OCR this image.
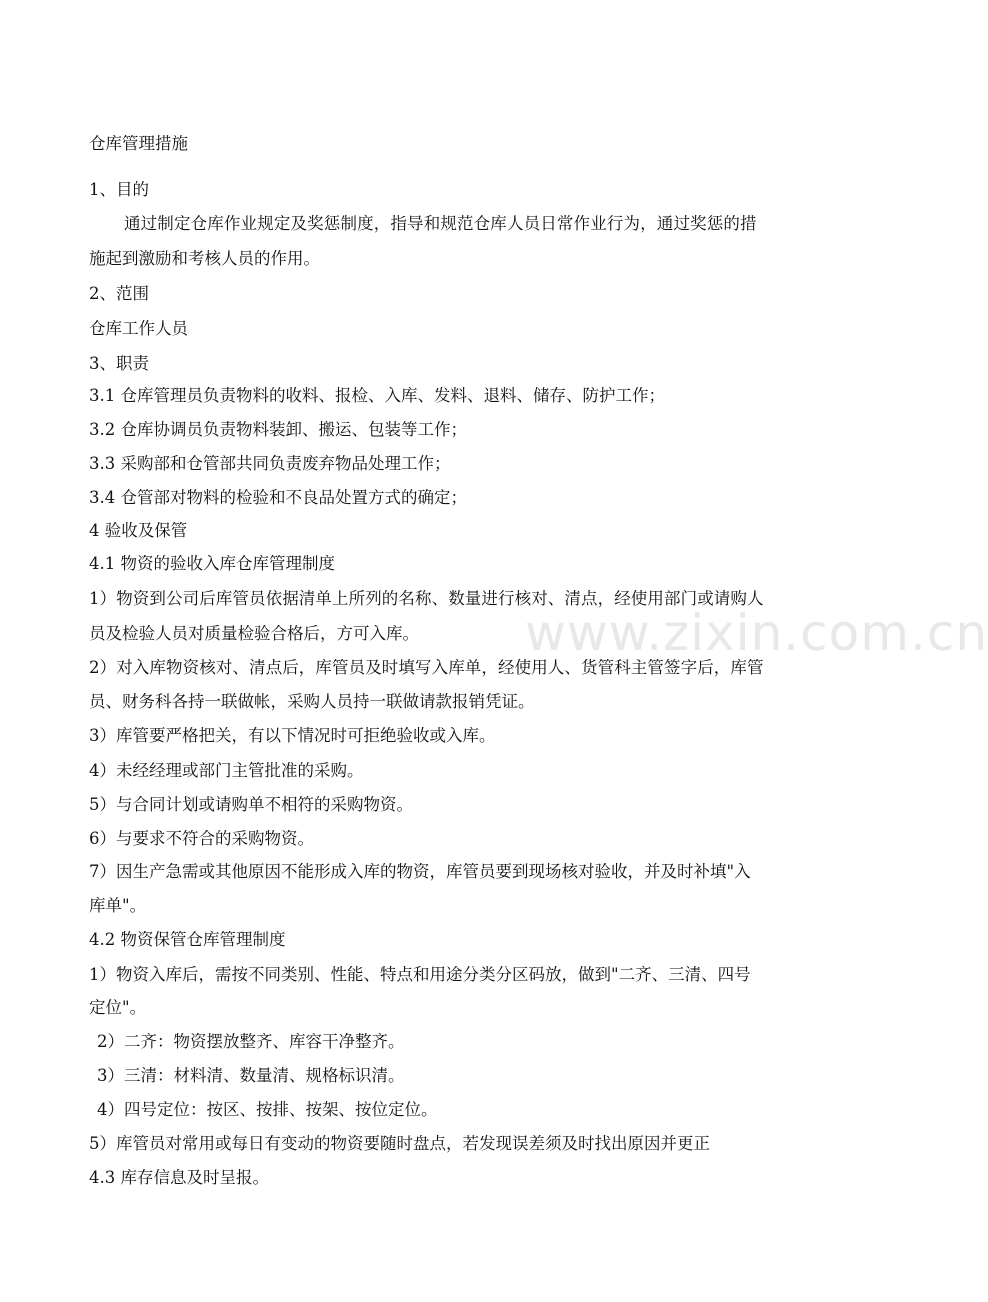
www.zixin.com.cn
仓库管理措施
1、目的
通过制定仓库作业规定及奖惩制度，指导和规范仓库人员日常作业行为，通过奖惩的措
施起到激励和考核人员的作用。
2、范围
仓库工作人员
3、职责
3.1 仓库管理员负责物料的收料、报检、入库、发料、退料、储存、防护工作；
3.2 仓库协调员负责物料装卸、搬运、包装等工作；
3.3 采购部和仓管部共同负责废弃物品处理工作；
3.4 仓管部对物料的检验和不良品处置方式的确定；
4 验收及保管
4.1 物资的验收入库仓库管理制度
1）物资到公司后库管员依据清单上所列的名称、数量进行核对、清点，经使用部门或请购人
员及检验人员对质量检验合格后，方可入库。
2）对入库物资核对、清点后，库管员及时填写入库单，经使用人、货管科主管签字后，库管
员、财务科各持一联做帐，采购人员持一联做请款报销凭证。
3）库管要严格把关，有以下情况时可拒绝验收或入库。
4）未经经理或部门主管批准的采购。
5）与合同计划或请购单不相符的采购物资。
6）与要求不符合的采购物资。
7）因生产急需或其他原因不能形成入库的物资，库管员要到现场核对验收，并及时补填"入
库单"。
4.2 物资保管仓库管理制度
1）物资入库后，需按不同类别、性能、特点和用途分类分区码放，做到"二齐、三清、四号
定位"。
2）二齐：物资摆放整齐、库容干净整齐。
3）三清：材料清、数量清、规格标识清。
4）四号定位：按区、按排、按架、按位定位。
5）库管员对常用或每日有变动的物资要随时盘点，若发现误差须及时找出原因并更正
4.3 库存信息及时呈报。
